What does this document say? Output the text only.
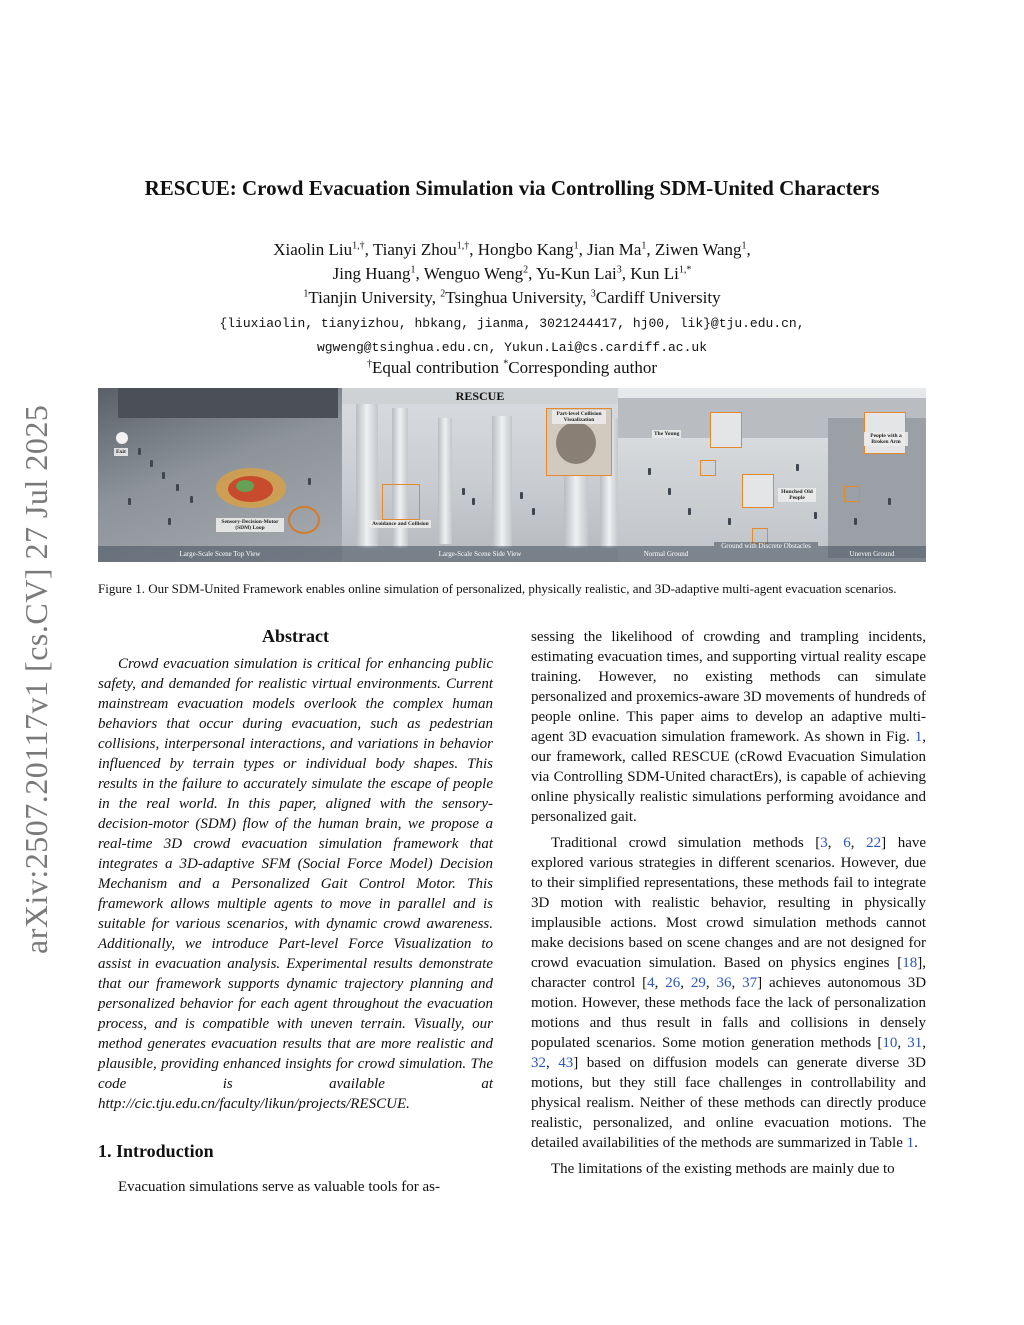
arXiv:2507.20117v1 [cs.CV] 27 Jul 2025
RESCUE: Crowd Evacuation Simulation via Controlling SDM-United Characters
Xiaolin Liu$^{1,\dagger}$, Tianyi Zhou$^{1,\dagger}$, Hongbo Kang$^1$, Jian Ma$^1$, Ziwen Wang$^1$,
Jing Huang$^1$, Wenguo Weng$^2$, Yu-Kun Lai$^3$, Kun $Li^{1,*}$
$^1$Tianjin University, $^2$Tsinghua University, $^3$Cardiff University
{liuxiaolin, tianyizhou, hbkang, jianma, 3021244417, hj00, lik}@tju.edu.cn,
wgweng@tsinghua.edu.cn, Yukun.Lai@cs.cardiff.ac.uk
†Equal contribution *Corresponding author
Exit
Sensory-Decision-Motor (SDM) Loop
Large-Scale Scene Top View
Part-level Collision Visualization
Avoidance and Collision
Large-Scale Scene Side View
RESCUE
The Young
Hunched Old People
People with a Broken Arm
Normal Ground
Ground with Discrete Obstacles
Uneven Ground
Figure 1. Our SDM-United Framework enables online simulation of personalized, physically realistic, and 3D-adaptive multi-agent evacuation scenarios.
Abstract
Crowd evacuation simulation is critical for enhancing public safety, and demanded for realistic virtual environments. Current mainstream evacuation models overlook the complex human behaviors that occur during evacuation, such as pedestrian collisions, interpersonal interactions, and variations in behavior influenced by terrain types or individual body shapes. This results in the failure to accurately simulate the escape of people in the real world. In this paper, aligned with the sensory-decision-motor (SDM) flow of the human brain, we propose a real-time 3D crowd evacuation simulation framework that integrates a 3D-adaptive SFM (Social Force Model) Decision Mechanism and a Personalized Gait Control Motor. This framework allows multiple agents to move in parallel and is suitable for various scenarios, with dynamic crowd awareness. Additionally, we introduce Part-level Force Visualization to assist in evacuation analysis. Experimental results demonstrate that our framework supports dynamic trajectory planning and personalized behavior for each agent throughout the evacuation process, and is compatible with uneven terrain. Visually, our method generates evacuation results that are more realistic and plausible, providing enhanced insights for crowd simulation. The code is available at http://cic.tju.edu.cn/faculty/likun/projects/RESCUE.
1. Introduction
Evacuation simulations serve as valuable tools for as-

sessing the likelihood of crowding and trampling incidents, estimating evacuation times, and supporting virtual reality escape training. However, no existing methods can simulate personalized and proxemics-aware 3D movements of hundreds of people online. This paper aims to develop an adaptive multi-agent 3D evacuation simulation framework. As shown in Fig. 1, our framework, called RESCUE (cRowd Evacuation Simulation via Controlling SDM-United charactErs), is capable of achieving online physically realistic simulations performing avoidance and personalized gait.

Traditional crowd simulation methods [3, 6, 22] have explored various strategies in different scenarios. However, due to their simplified representations, these methods fail to integrate 3D motion with realistic behavior, resulting in physically implausible actions. Most crowd simulation methods cannot make decisions based on scene changes and are not designed for crowd evacuation simulation. Based on physics engines [18], character control [4, 26, 29, 36, 37] achieves autonomous 3D motion. However, these methods face the lack of personalization motions and thus result in falls and collisions in densely populated scenarios. Some motion generation methods [10, 31, 32, 43] based on diffusion models can generate diverse 3D motions, but they still face challenges in controllability and physical realism. Neither of these methods can directly produce realistic, personalized, and online evacuation motions. The detailed availabilities of the methods are summarized in Table 1.

The limitations of the existing methods are mainly due to
